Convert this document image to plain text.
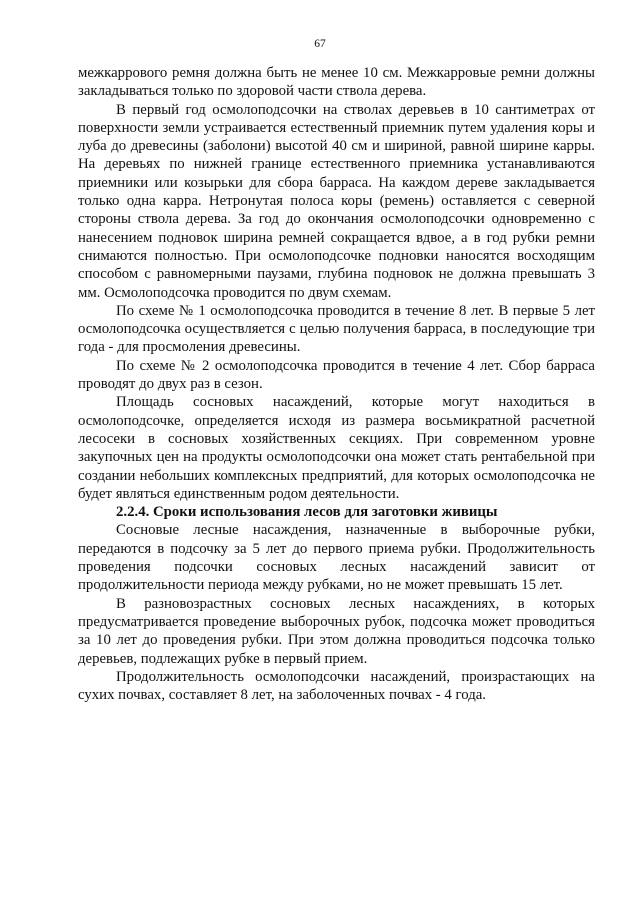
67

межкаррового ремня должна быть не менее 10 см. Межкарровые ремни должны закладываться только по здоровой части ствола дерева.

В первый год осмолоподсочки на стволах деревьев в 10 сантиметрах от поверхности земли устраивается естественный приемник путем удаления коры и луба до древесины (заболони) высотой 40 см и шириной, равной ширине карры. На деревьях по нижней границе естественного приемника устанавливаются приемники или козырьки для сбора барраса. На каждом дереве закладывается только одна карра. Нетронутая полоса коры (ремень) оставляется с северной стороны ствола дерева. За год до окончания осмолоподсочки одновременно с нанесением подновок ширина ремней сокращается вдвое, а в год рубки ремни снимаются полностью. При осмолоподсочке подновки наносятся восходящим способом с равномерными паузами, глубина подновок не должна превышать 3 мм. Осмолоподсочка проводится по двум схемам.

По схеме № 1 осмолоподсочка проводится в течение 8 лет. В первые 5 лет осмолоподсочка осуществляется с целью получения барраса, в последующие три года - для просмоления древесины.

По схеме № 2 осмолоподсочка проводится в течение 4 лет. Сбор барраса проводят до двух раз в сезон.

Площадь сосновых насаждений, которые могут находиться в осмолоподсочке, определяется исходя из размера восьмикратной расчетной лесосеки в сосновых хозяйственных секциях. При современном уровне закупочных цен на продукты осмолоподсочки она может стать рентабельной при создании небольших комплексных предприятий, для которых осмолоподсочка не будет являться единственным родом деятельности.

2.2.4. Сроки использования лесов для заготовки живицы

Сосновые лесные насаждения, назначенные в выборочные рубки, передаются в подсочку за 5 лет до первого приема рубки. Продолжительность проведения подсочки сосновых лесных насаждений зависит от продолжительности периода между рубками, но не может превышать 15 лет.

В разновозрастных сосновых лесных насаждениях, в которых предусматривается проведение выборочных рубок, подсочка может проводиться за 10 лет до проведения рубки. При этом должна проводиться подсочка только деревьев, подлежащих рубке в первый прием.

Продолжительность осмолоподсочки насаждений, произрастающих на сухих почвах, составляет 8 лет, на заболоченных почвах - 4 года.
